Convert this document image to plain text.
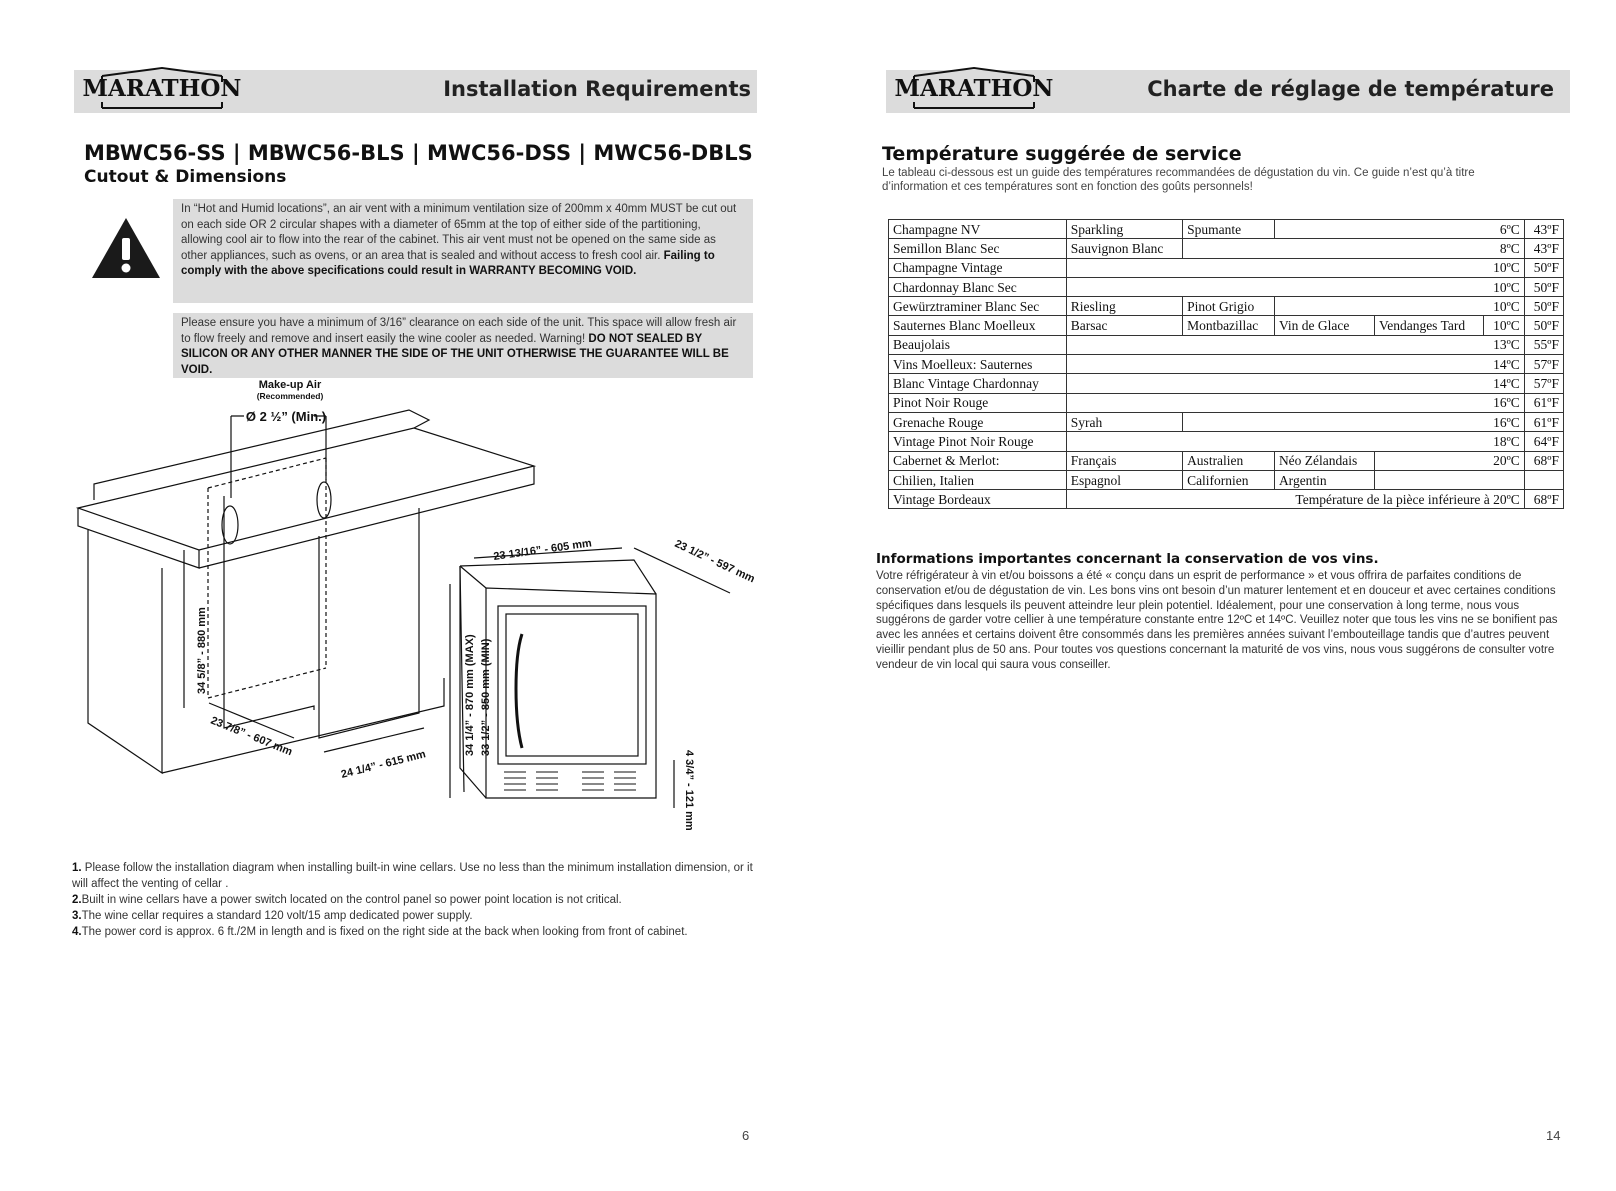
MARATHON	Installation Requirements
MBWC56-SS | MBWC56-BLS | MWC56-DSS | MWC56-DBLS
Cutout & Dimensions
In “Hot and Humid locations”, an air vent with a minimum ventilation size of 200mm x 40mm MUST be cut out on each side OR 2 circular shapes with a diameter of 65mm at the top of either side of the partitioning, allowing cool air to flow into the rear of the cabinet. This air vent must not be opened on the same side as other appliances, such as ovens, or an area that is sealed and without access to fresh cool air. Failing to comply with the above specifications could result in WARRANTY BECOMING VOID.
Please ensure you have a minimum of 3/16” clearance on each side of the unit. This space will allow fresh air to flow freely and remove and insert easily the wine cooler as needed. Warning! DO NOT SEALED BY SILICON OR ANY OTHER MANNER THE SIDE OF THE UNIT OTHERWISE THE GUARANTEE WILL BE VOID.
Make-up Air
(Recommended)
Ø 2 ½” (Min.)
34 5/8” - 880 mm
23 7/8” - 607 mm
24 1/4” - 615 mm
23 13/16” - 605 mm	23 1/2” - 597 mm
34 1/4” - 870 mm (MAX) 33 1/2” - 850 mm (MIN)
4 3/4” - 121 mm

1. Please follow the installation diagram when installing built-in wine cellars. Use no less than the minimum installation dimension, or it will affect the venting of cellar .

2.Built in wine cellars have a power switch located on the control panel so power point location is not critical.

3.The wine cellar requires a standard 120 volt/15 amp dedicated power supply.

4.The power cord is approx. 6 ft./2M in length and is fixed on the right side at the back when looking from front of cabinet.

6
MARATHON	Charte de réglage de température
Température suggérée de service
Le tableau ci-dessous est un guide des températures recommandées de dégustation du vin. Ce guide n’est qu’à titre d’information et ces températures sont en fonction des goûts personnels!
Champagne NV	Sparkling	Spumante	6ºC			43ºF
Semillon Blanc Sec	Sauvignon Blanc	8ºC				43ºF
Champagne Vintage	10ºC					50ºF
Chardonnay Blanc Sec	10ºC					50ºF
Gewürztraminer Blanc Sec	Riesling	Pinot Grigio	10ºC			50ºF
Sauternes Blanc Moelleux	Barsac	Montbazillac	Vin de Glace	Vendanges Tard	10ºC	50ºF
Beaujolais	13ºC					55ºF
Vins Moelleux: Sauternes	14ºC					57ºF
Blanc Vintage Chardonnay	14ºC					57ºF
Pinot Noir Rouge	16ºC					61ºF
Grenache Rouge	Syrah	16ºC				61ºF
Vintage Pinot Noir Rouge	18ºC					64ºF
Cabernet & Merlot:	Français	Australien	Néo Zélandais	20ºC		68ºF
Chilien, Italien	Espagnol	Californien	Argentin			
Vintage Bordeaux	Température de la pièce inférieure à 20ºC					68ºF
Informations importantes concernant la conservation de vos vins.
Votre réfrigérateur à vin et/ou boissons a été « conçu dans un esprit de performance » et vous offrira de parfaites conditions de conservation et/ou de dégustation de vin. Les bons vins ont besoin d’un maturer lentement et en douceur et avec certaines conditions spécifiques dans lesquels ils peuvent atteindre leur plein potentiel. Idéalement, pour une conservation à long terme, nous vous suggérons de garder votre cellier à une température constante entre 12ºC et 14ºC. Veuillez noter que tous les vins ne se bonifient pas avec les années et certains doivent être consommés dans les premières années suivant l’embouteillage tandis que d’autres peuvent vieillir pendant plus de 50 ans. Pour toutes vos questions concernant la maturité de vos vins, nous vous suggérons de consulter votre vendeur de vin local qui saura vous conseiller.
14
